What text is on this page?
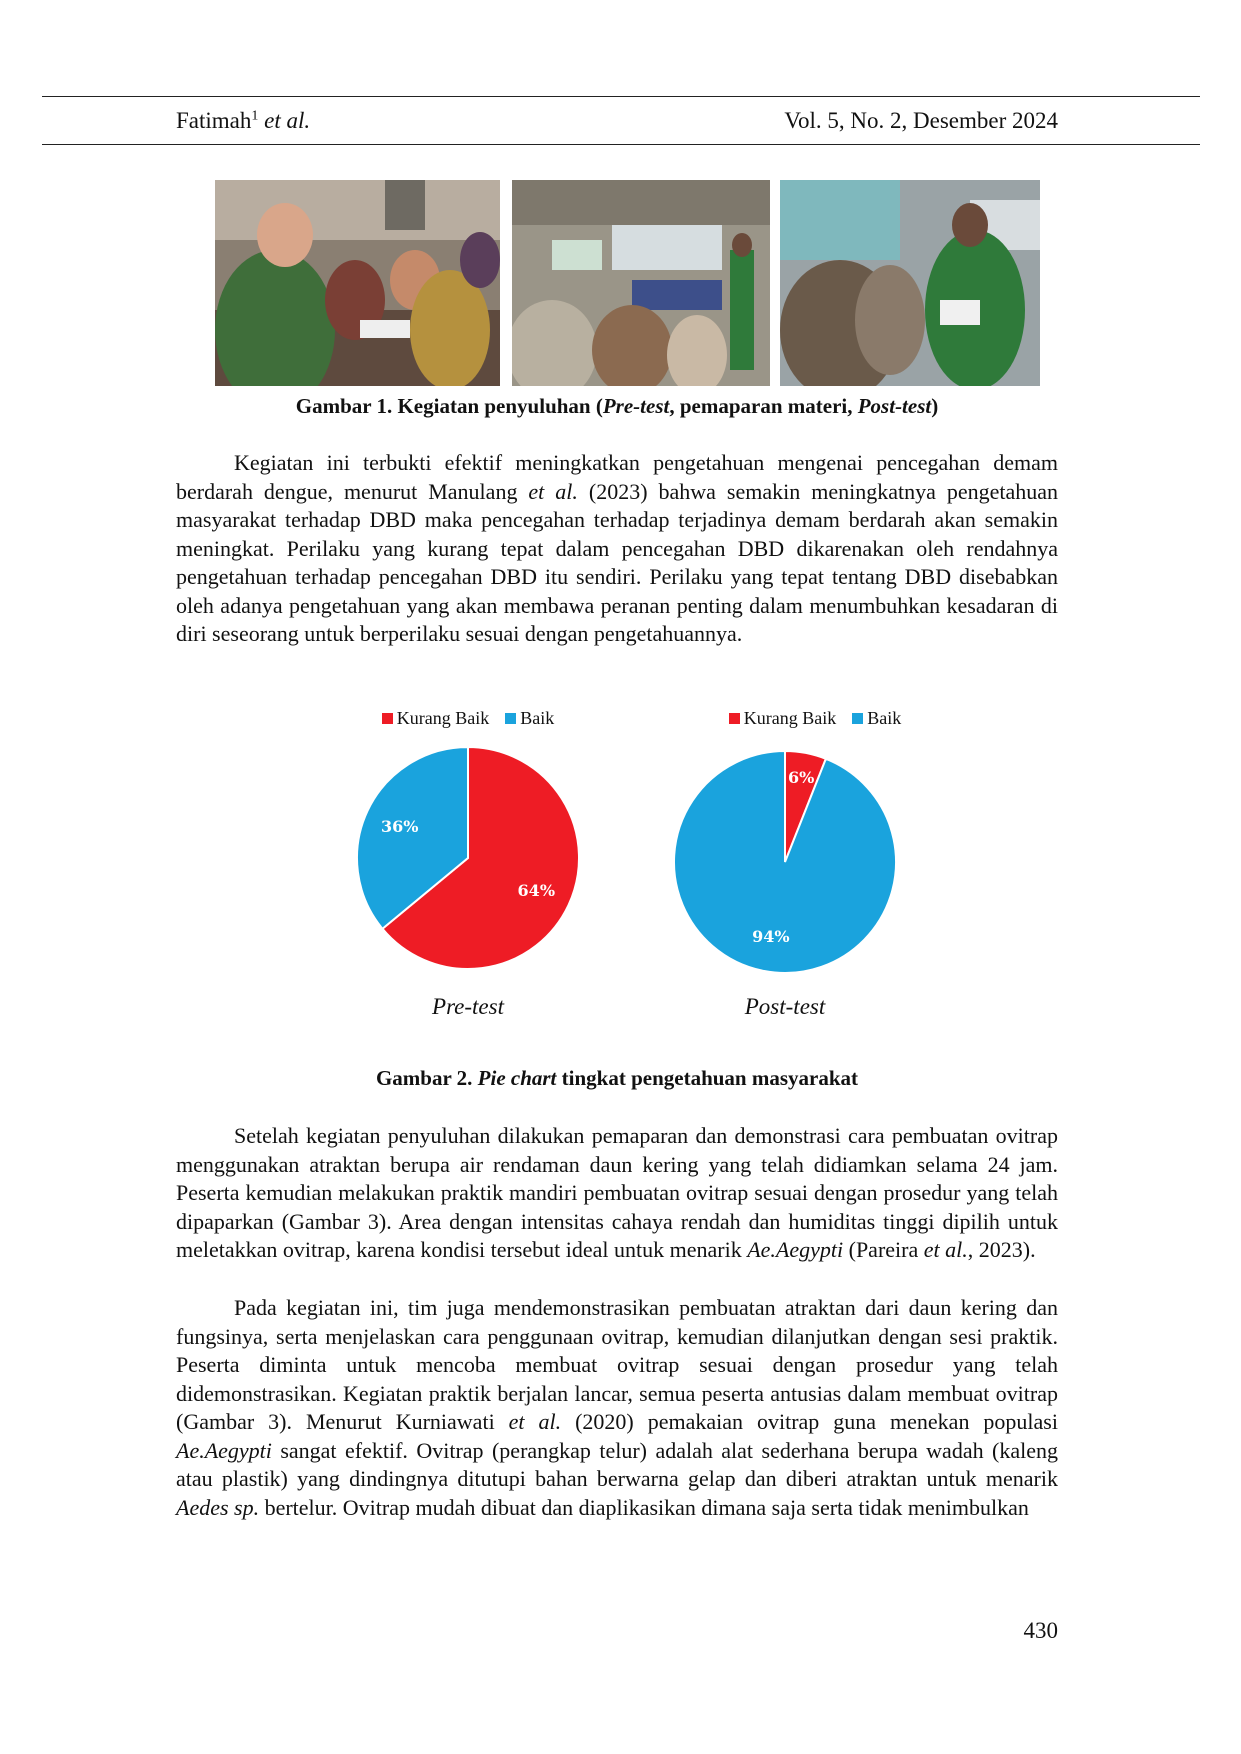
Fatimah$^1$ et al.	Vol. 5, No. 2, Desember 2024
Gambar 1. Kegiatan penyuluhan (Pre-test, pemaparan materi, Post-test)
Kegiatan ini terbukti efektif meningkatkan pengetahuan mengenai pencegahan demam berdarah dengue, menurut Manulang et al. (2023) bahwa semakin meningkatnya pengetahuan masyarakat terhadap DBD maka pencegahan terhadap terjadinya demam berdarah akan semakin meningkat. Perilaku yang kurang tepat dalam pencegahan DBD dikarenakan oleh rendahnya pengetahuan terhadap pencegahan DBD itu sendiri. Perilaku yang tepat tentang DBD disebabkan oleh adanya pengetahuan yang akan membawa peranan penting dalam menumbuhkan kesadaran di diri seseorang untuk berperilaku sesuai dengan pengetahuannya.
Kurang Baik Baik
64%
36%
Pre-test
Kurang Baik Baik
6%
94%
Post-test
Gambar 2. Pie chart tingkat pengetahuan masyarakat
Setelah kegiatan penyuluhan dilakukan pemaparan dan demonstrasi cara pembuatan ovitrap menggunakan atraktan berupa air rendaman daun kering yang telah didiamkan selama 24 jam. Peserta kemudian melakukan praktik mandiri pembuatan ovitrap sesuai dengan prosedur yang telah dipaparkan (Gambar 3). Area dengan intensitas cahaya rendah dan humiditas tinggi dipilih untuk meletakkan ovitrap, karena kondisi tersebut ideal untuk menarik Ae.Aegypti (Pareira et al., 2023).
Pada kegiatan ini, tim juga mendemonstrasikan pembuatan atraktan dari daun kering dan fungsinya, serta menjelaskan cara penggunaan ovitrap, kemudian dilanjutkan dengan sesi praktik. Peserta diminta untuk mencoba membuat ovitrap sesuai dengan prosedur yang telah didemonstrasikan. Kegiatan praktik berjalan lancar, semua peserta antusias dalam membuat ovitrap (Gambar 3). Menurut Kurniawati et al. (2020) pemakaian ovitrap guna menekan populasi Ae.Aegypti sangat efektif. Ovitrap (perangkap telur) adalah alat sederhana berupa wadah (kaleng atau plastik) yang dindingnya ditutupi bahan berwarna gelap dan diberi atraktan untuk menarik Aedes sp. bertelur. Ovitrap mudah dibuat dan diaplikasikan dimana saja serta tidak menimbulkan
430
